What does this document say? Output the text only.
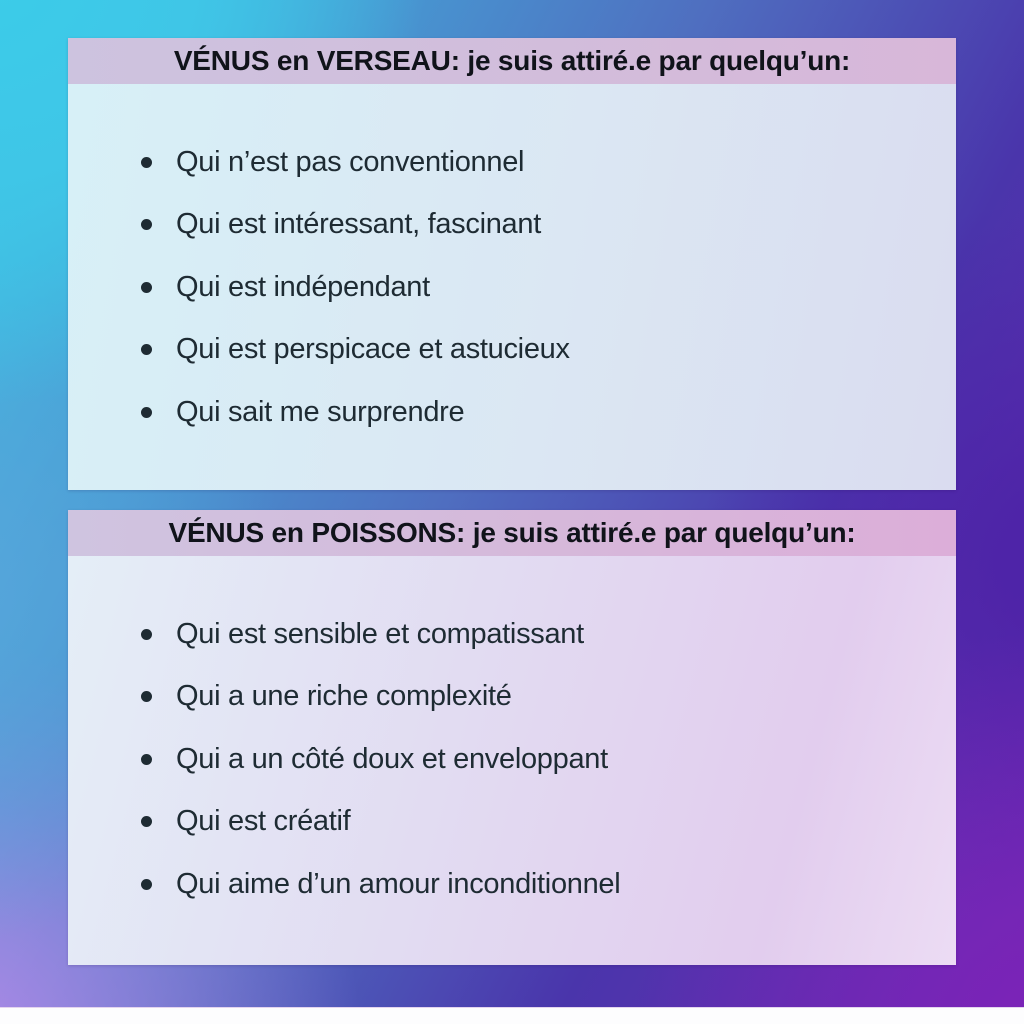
VÉNUS en VERSEAU: je suis attiré.e par quelqu’un:
Qui n’est pas conventionnel
Qui est intéressant, fascinant
Qui est indépendant
Qui est perspicace et astucieux
Qui sait me surprendre
VÉNUS en POISSONS: je suis attiré.e par quelqu’un:
Qui est sensible et compatissant
Qui a une riche complexité
Qui a un côté doux et enveloppant
Qui est créatif
Qui aime d’un amour inconditionnel
